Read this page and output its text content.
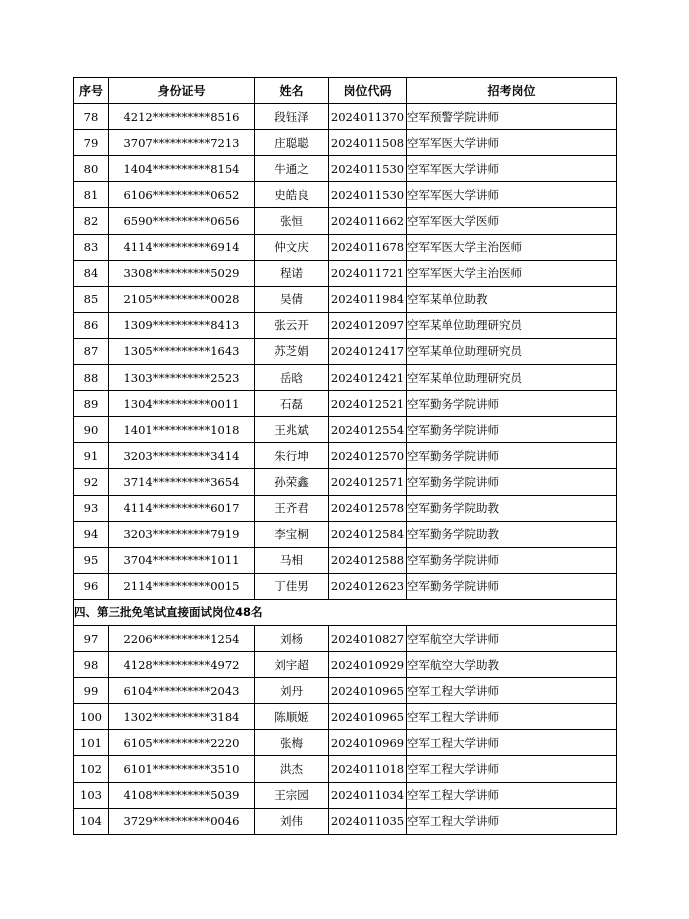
序号	身份证号	姓名	岗位代码	招考岗位
78	4212**********8516	段钰泽	2024011370	空军预警学院讲师
79	3707**********7213	庄聪聪	2024011508	空军军医大学讲师
80	1404**********8154	牛通之	2024011530	空军军医大学讲师
81	6106**********0652	史皓良	2024011530	空军军医大学讲师
82	6590**********0656	张恒	2024011662	空军军医大学医师
83	4114**********6914	仲文庆	2024011678	空军军医大学主治医师
84	3308**********5029	程诺	2024011721	空军军医大学主治医师
85	2105**********0028	吴倩	2024011984	空军某单位助教
86	1309**********8413	张云开	2024012097	空军某单位助理研究员
87	1305**********1643	苏芝娟	2024012417	空军某单位助理研究员
88	1303**********2523	岳晗	2024012421	空军某单位助理研究员
89	1304**********0011	石磊	2024012521	空军勤务学院讲师
90	1401**********1018	王兆斌	2024012554	空军勤务学院讲师
91	3203**********3414	朱行坤	2024012570	空军勤务学院讲师
92	3714**********3654	孙荣鑫	2024012571	空军勤务学院讲师
93	4114**********6017	王齐君	2024012578	空军勤务学院助教
94	3203**********7919	李宝桐	2024012584	空军勤务学院助教
95	3704**********1011	马相	2024012588	空军勤务学院讲师
96	2114**********0015	丁佳男	2024012623	空军勤务学院讲师
四、第三批免笔试直接面试岗位48名				
97	2206**********1254	刘杨	2024010827	空军航空大学讲师
98	4128**********4972	刘宇超	2024010929	空军航空大学助教
99	6104**********2043	刘丹	2024010965	空军工程大学讲师
100	1302**********3184	陈顺姬	2024010965	空军工程大学讲师
101	6105**********2220	张梅	2024010969	空军工程大学讲师
102	6101**********3510	洪杰	2024011018	空军工程大学讲师
103	4108**********5039	王宗园	2024011034	空军工程大学讲师
104	3729**********0046	刘伟	2024011035	空军工程大学讲师
